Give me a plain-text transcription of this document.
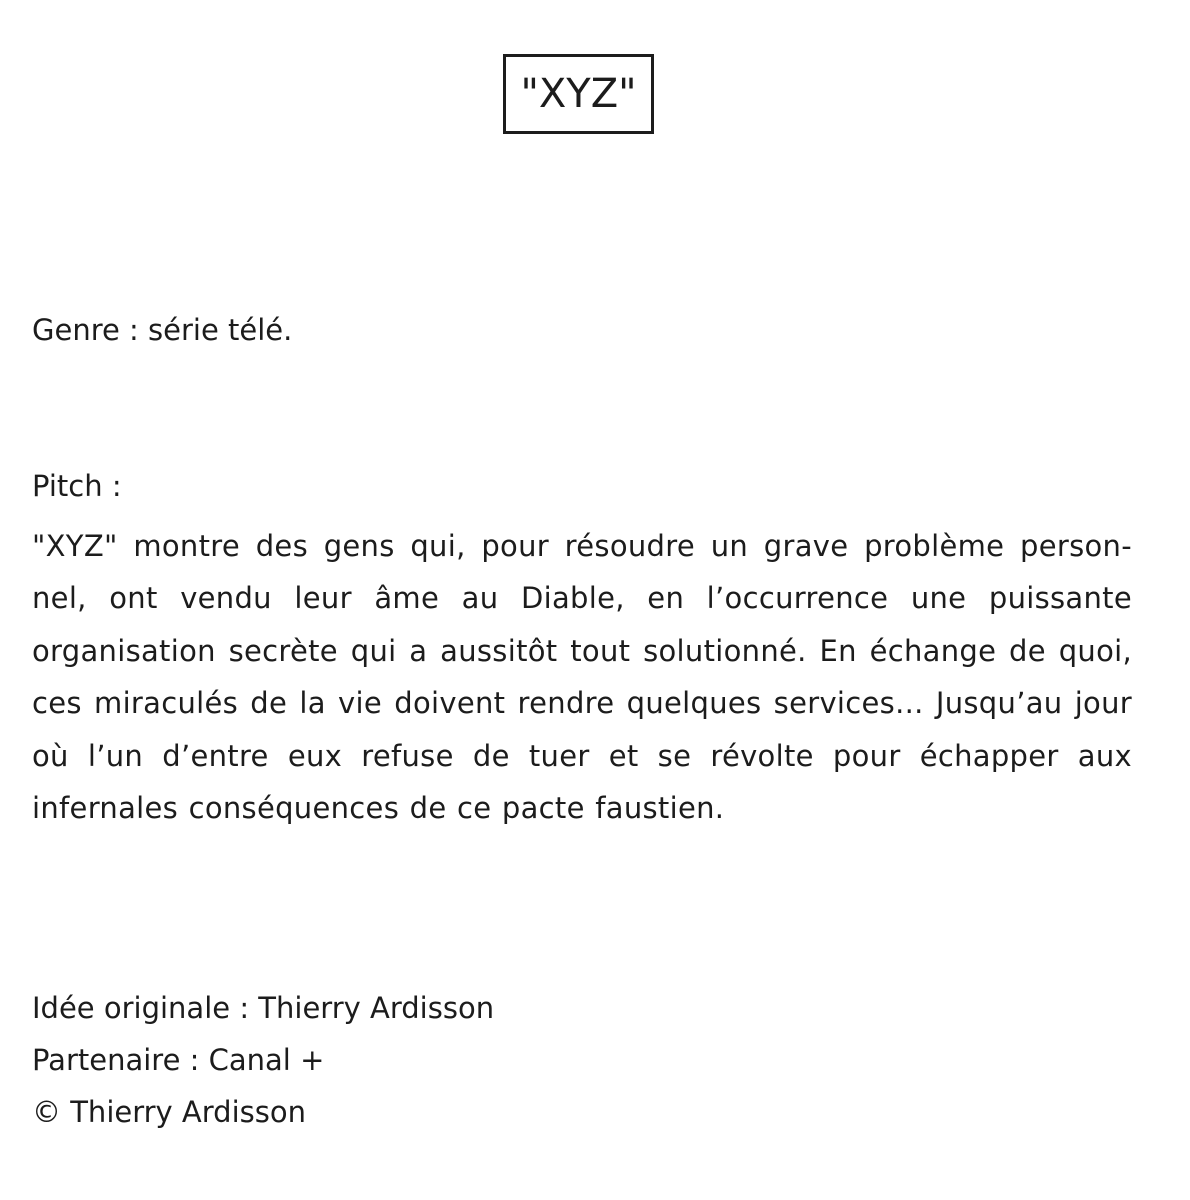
"XYZ"
Genre : série télé.
Pitch :
"XYZ" montre des gens qui, pour résoudre un grave problème person-nel, ont vendu leur âme au Diable, en l’occurrence une puissante organisation secrète qui a aussitôt tout solutionné. En échange de quoi, ces miraculés de la vie doivent rendre quelques services... Jusqu’au jour où l’un d’entre eux refuse de tuer et se révolte pour échapper aux infernales conséquences de ce pacte faustien.
Idée originale : Thierry Ardisson
Partenaire : Canal +
© Thierry Ardisson
